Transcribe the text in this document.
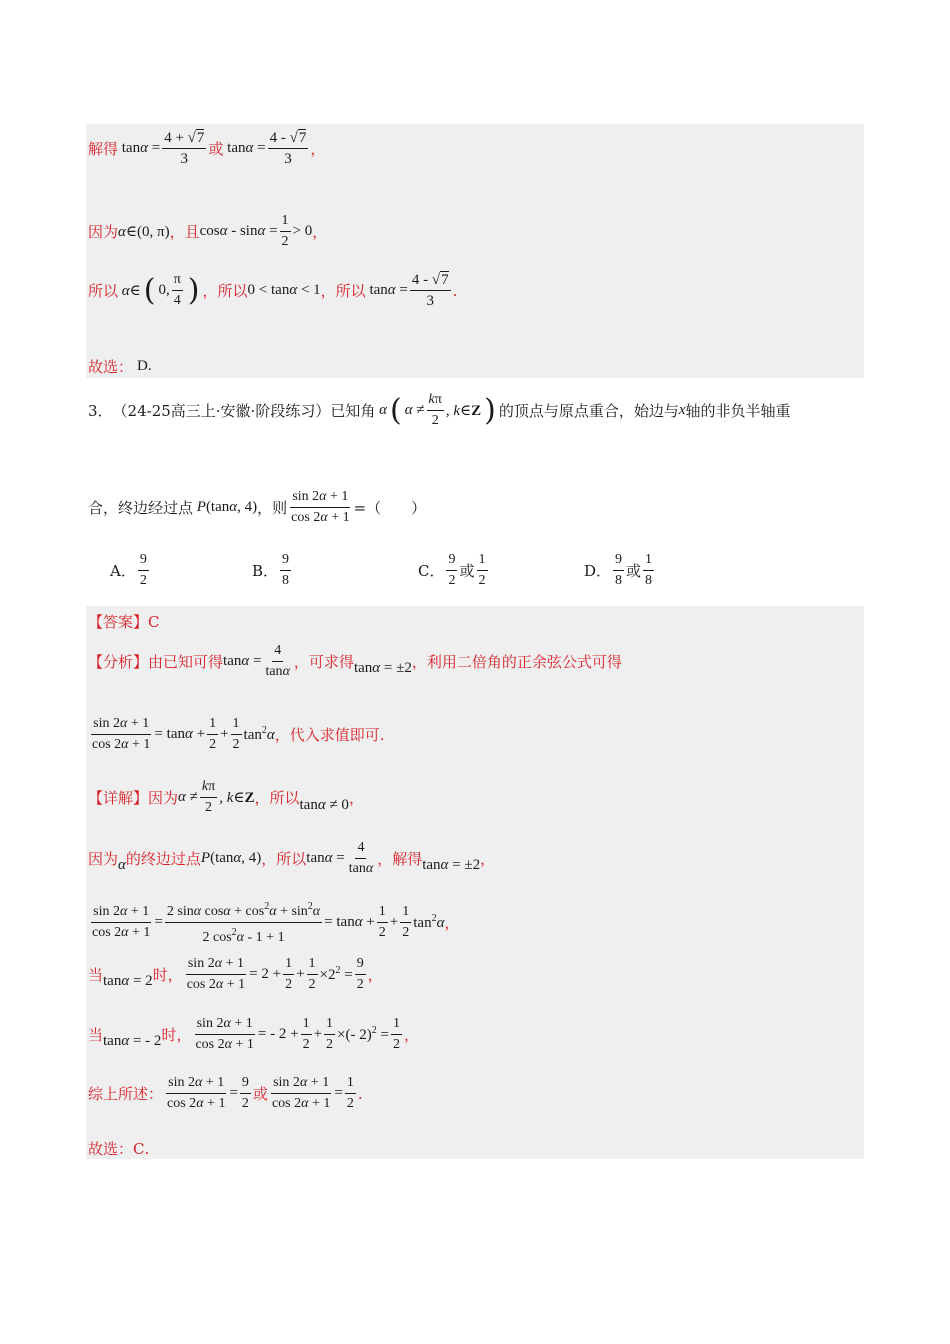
解得 $\tan\alpha = \frac{4 + √7}{3}$ 或 $\tan\alpha = \frac{4 - √7}{3}$ ，
因为 α∈(0, π) ，且 $\cos\alpha - \sin\alpha = \frac{1}{2} > 0$ ，
所以 α∈ ( 0, $\frac{\pi}{4}$ ) ，所以 0 < tanα < 1 ，所以 $\tan\alpha = \frac{4 - √7}{3}$ .
故选： D .
3． （24-25高三上·安徽·阶段练习） 已知角 α ( $\alpha \ne \frac{k\pi}{2}$ , k∈Z ) 的顶点与原点重合，始边与 x 轴的非负半轴重
合，终边经过点 P(tanα, 4) ，则 $\frac{\sin 2\alpha + 1}{\cos 2\alpha + 1}$ =（　　）
A． $\frac{9}{2}$	B． $\frac{9}{8}$	C． $\frac{9}{2}$ 或 $\frac{1}{2}$	D． $\frac{9}{8}$ 或 $\frac{1}{8}$
【答案】 C
【分析】 由已知可得 $\tan\alpha = \frac{4}{\tan\alpha}$ ，可求得 tanα = ±2 ，利用二倍角的正余弦公式可得
$\frac{\sin 2\alpha + 1}{\cos 2\alpha + 1} = \tan\alpha + \frac{1}{2} + \frac{1}{2} \tan^2\alpha$ ，代入求值即可.
【详解】 因为 $\alpha \ne \frac{k\pi}{2}$ , k∈Z ，所以 tanα ≠ 0 ，
因为 α 的终边过点 P(tanα, 4) ，所以 $\tan\alpha = \frac{4}{\tan\alpha}$ ，解得 tanα = ±2 ，
$\frac{\sin 2\alpha + 1}{\cos 2\alpha + 1} = \frac{2 \sin\alpha \cos\alpha + \cos^2\alpha + \sin^2\alpha}{2 \cos^2\alpha - 1 + 1} = \tan\alpha + \frac{1}{2} + \frac{1}{2} \tan^2\alpha$ ，
当 tanα = 2 时， $\frac{\sin 2\alpha + 1}{\cos 2\alpha + 1} = 2 + \frac{1}{2} + \frac{1}{2} \times 2^2 = \frac{9}{2}$ ，
当 tanα = - 2 时， $\frac{\sin 2\alpha + 1}{\cos 2\alpha + 1}$ = - $2 + \frac{1}{2} + \frac{1}{2}$ ×(- $2)^2 = \frac{1}{2}$ ，
综上所述： $\frac{\sin 2\alpha + 1}{\cos 2\alpha + 1} = \frac{9}{2}$ 或 $\frac{\sin 2\alpha + 1}{\cos 2\alpha + 1} = \frac{1}{2}$ .
故选： C .
